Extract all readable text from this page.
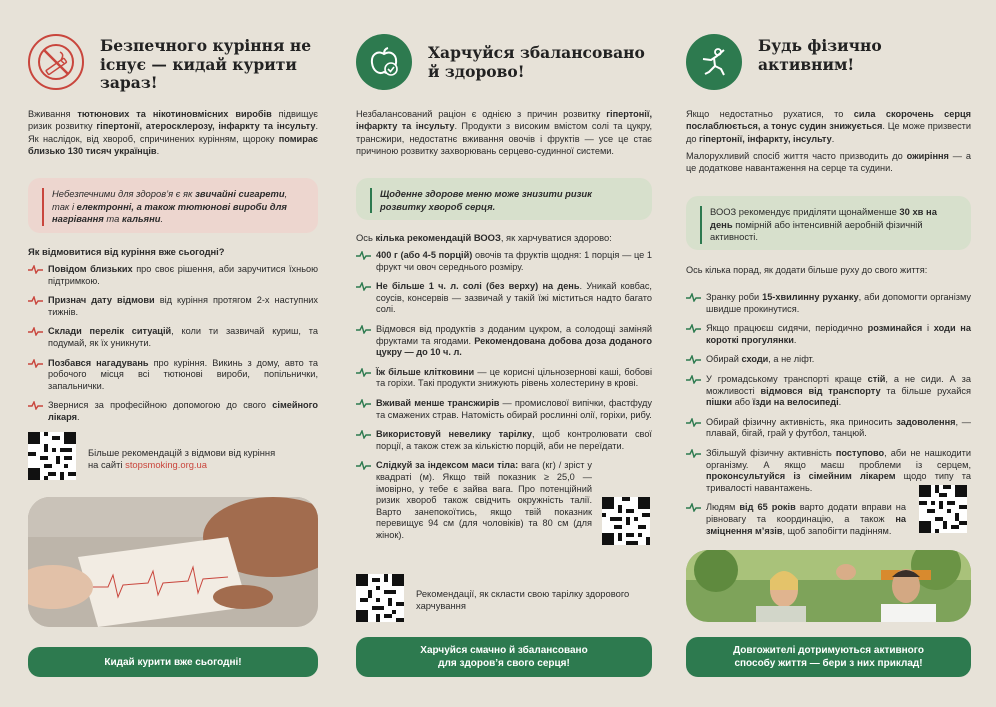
Безпечного куріння не існує — кидай курити зараз!
Вживання тютюнових та нікотиновмісних виробів підвищує ризик розвитку гіпертонії, атеросклерозу, інфаркту та інсульту. Як наслідок, від хвороб, спричинених курінням, щороку помирає близько 130 тисяч українців.
Небезпечними для здоров’я є як звичайні сигарети, так і електронні, а також тютюнові вироби для нагрівання та кальяни.
Як відмовитися від куріння вже сьогодні?
Повідом близьких про своє рішення, аби заручитися їхньою підтримкою.
Признач дату відмови від куріння протягом 2-х наступних тижнів.
Склади перелік ситуацій, коли ти зазвичай куриш, та подумай, як їх уникнути.
Позбався нагадувань про куріння. Викинь з дому, авто та робочого місця всі тютюнові вироби, попільнички, запальнички.
Звернися за професійною допомогою до свого сімейного лікаря.
Більше рекомендацій з відмови від куріння на сайті stopsmoking.org.ua
Кидай курити вже сьогодні!
Харчуйся збалансовано й здорово!
Незбалансований раціон є однією з причин розвитку гіпертонії, інфаркту та інсульту. Продукти з високим вмістом солі та цукру, трансжири, недостатнє вживання овочів і фруктів — усе це стає причиною розвитку захворювань серцево-судинної системи.
Щоденне здорове меню може знизити ризик розвитку хвороб серця.
Ось кілька рекомендацій ВООЗ, як харчуватися здорово:
400 г (або 4-5 порцій) овочів та фруктів щодня: 1 порція — це 1 фрукт чи овоч середнього розміру.
Не більше 1 ч. л. солі (без верху) на день. Уникай ковбас, соусів, консервів — зазвичай у такій їжі міститься надто багато солі.
Відмовся від продуктів з доданим цукром, а солодощі заміняй фруктами та ягодами. Рекомендована добова доза доданого цукру — до 10 ч. л.
Їж більше клітковини — це корисні цільнозернові каші, бобові та горіхи. Такі продукти знижують рівень холестерину в крові.
Вживай менше трансжирів — промислової випічки, фастфуду та смажених страв. Натомість обирай рослинні олії, горіхи, рибу.
Використовуй невелику тарілку, щоб контролювати свої порції, а також стеж за кількістю порцій, аби не переїдати.
Слідкуй за індексом маси тіла: вага (кг) / зріст у квадраті (м). Якщо твій показник ≥ 25,0 — імовірно, у тебе є зайва вага. Про потенційний ризик хвороб також свідчить окружність талії. Варто занепокоїтись, якщо твій показник перевищує 94 см (для чоловіків) та 80 см (для жінок).
Рекомендації, як скласти свою тарілку здорового харчування
Харчуйся смачно й збалансовано
для здоров’я свого серця!
Будь фізично активним!
Якщо недостатньо рухатися, то сила скорочень серця послаблюється, а тонус судин знижується. Це може призвести до гіпертонії, інфаркту, інсульту.
Малорухливий спосіб життя часто призводить до ожиріння — а це додаткове навантаження на серце та судини.
ВООЗ рекомендує приділяти щонайменше 30 хв на день помірній або інтенсивній аеробній фізичній активності.
Ось кілька порад, як додати більше руху до свого життя:
Зранку роби 15-хвилинну руханку, аби допомогти організму швидше прокинутися.
Якщо працюєш сидячи, періодично розминайся і ходи на короткі прогулянки.
Обирай сходи, а не ліфт.
У громадському транспорті краще стій, а не сиди. А за можливості відмовся від транспорту та більше рухайся пішки або їзди на велосипеді.
Обирай фізичну активність, яка приносить задоволення, — плавай, бігай, грай у футбол, танцюй.
Збільшуй фізичну активність поступово, аби не нашкодити організму. А якщо маєш проблеми із серцем, проконсультуйся із сімейним лікарем щодо типу та тривалості навантажень.
Людям від 65 років варто додати вправи на рівновагу та координацію, а також на зміцнення м’язів, щоб запобігти падінням.
Довгожителі дотримуються активного
способу життя — бери з них приклад!
